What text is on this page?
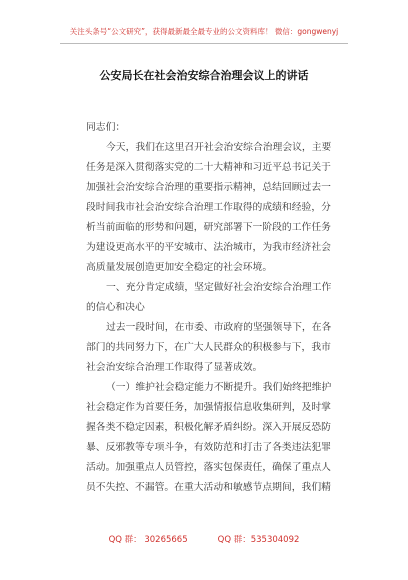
关注头条号“公文研究”，获得最新最全最专业的公文资料库！ 微信：gongwenyj
公安局长在社会治安综合治理会议上的讲话

同志们：

今天，我们在这里召开社会治安综合治理会议，主要

任务是深入贯彻落实党的二十大精神和习近平总书记关于

加强社会治安综合治理的重要指示精神，总结回顾过去一

段时间我市社会治安综合治理工作取得的成绩和经验，分

析当前面临的形势和问题，研究部署下一阶段的工作任务

为建设更高水平的平安城市、法治城市，为我市经济社会

高质量发展创造更加安全稳定的社会环境。

一、充分肯定成绩，坚定做好社会治安综合治理工作

的信心和决心

过去一段时间，在市委、市政府的坚强领导下，在各

部门的共同努力下，在广大人民群众的积极参与下，我市

社会治安综合治理工作取得了显著成效。

（一）维护社会稳定能力不断提升。我们始终把维护

社会稳定作为首要任务，加强情报信息收集研判，及时掌

握各类不稳定因素，积极化解矛盾纠纷。深入开展反恐防

暴、反邪教等专项斗争，有效防范和打击了各类违法犯罪

活动。加强重点人员管控，落实包保责任，确保了重点人

员不失控、不漏管。在重大活动和敏感节点期间，我们精

QQ 群： 30265665	QQ 群：535304092
